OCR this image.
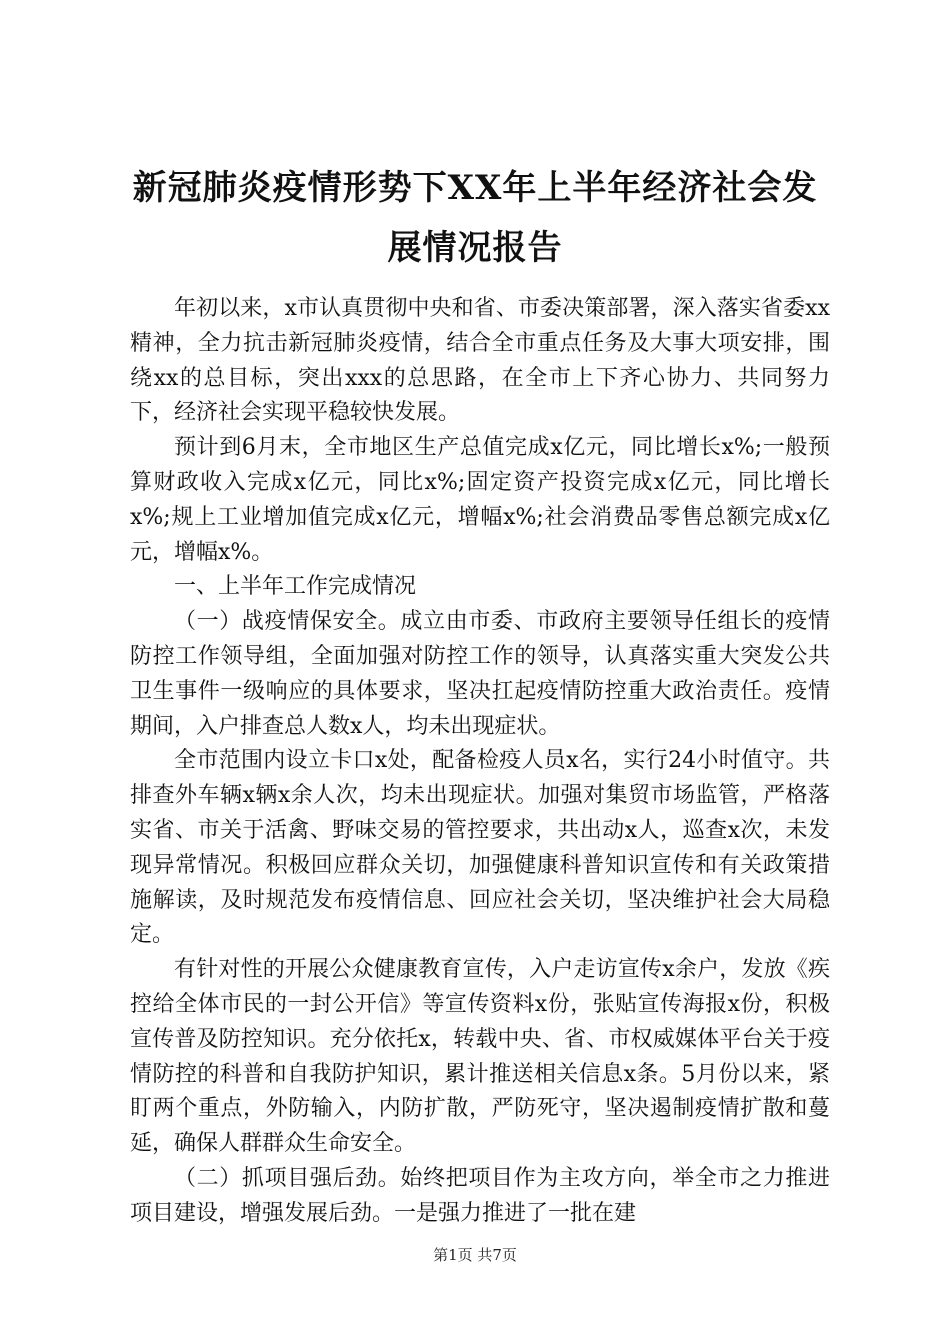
新冠肺炎疫情形势下XX年上半年经济社会发
展情况报告

年初以来，x市认真贯彻中央和省、市委决策部署，深入落实省委xx精神，全力抗击新冠肺炎疫情，结合全市重点任务及大事大项安排，围绕xx的总目标，突出xxx的总思路，在全市上下齐心协力、共同努力下，经济社会实现平稳较快发展。

预计到6月末，全市地区生产总值完成x亿元，同比增长x%;一般预算财政收入完成x亿元，同比x%;固定资产投资完成x亿元，同比增长x%;规上工业增加值完成x亿元，增幅x%;社会消费品零售总额完成x亿元，增幅x%。

一、上半年工作完成情况

（一）战疫情保安全。成立由市委、市政府主要领导任组长的疫情防控工作领导组，全面加强对防控工作的领导，认真落实重大突发公共卫生事件一级响应的具体要求，坚决扛起疫情防控重大政治责任。疫情期间，入户排查总人数x人，均未出现症状。

全市范围内设立卡口x处，配备检疫人员x名，实行24小时值守。共排查外车辆x辆x余人次，均未出现症状。加强对集贸市场监管，严格落实省、市关于活禽、野味交易的管控要求，共出动x人，巡查x次，未发现异常情况。积极回应群众关切，加强健康科普知识宣传和有关政策措施解读，及时规范发布疫情信息、回应社会关切，坚决维护社会大局稳定。

有针对性的开展公众健康教育宣传，入户走访宣传x余户，发放《疾控给全体市民的一封公开信》等宣传资料x份，张贴宣传海报x份，积极宣传普及防控知识。充分依托x，转载中央、省、市权威媒体平台关于疫情防控的科普和自我防护知识，累计推送相关信息x条。5月份以来，紧盯两个重点，外防输入，内防扩散，严防死守，坚决遏制疫情扩散和蔓延，确保人群群众生命安全。

（二）抓项目强后劲。始终把项目作为主攻方向，举全市之力推进项目建设，增强发展后劲。一是强力推进了一批在建

第1页 共7页
